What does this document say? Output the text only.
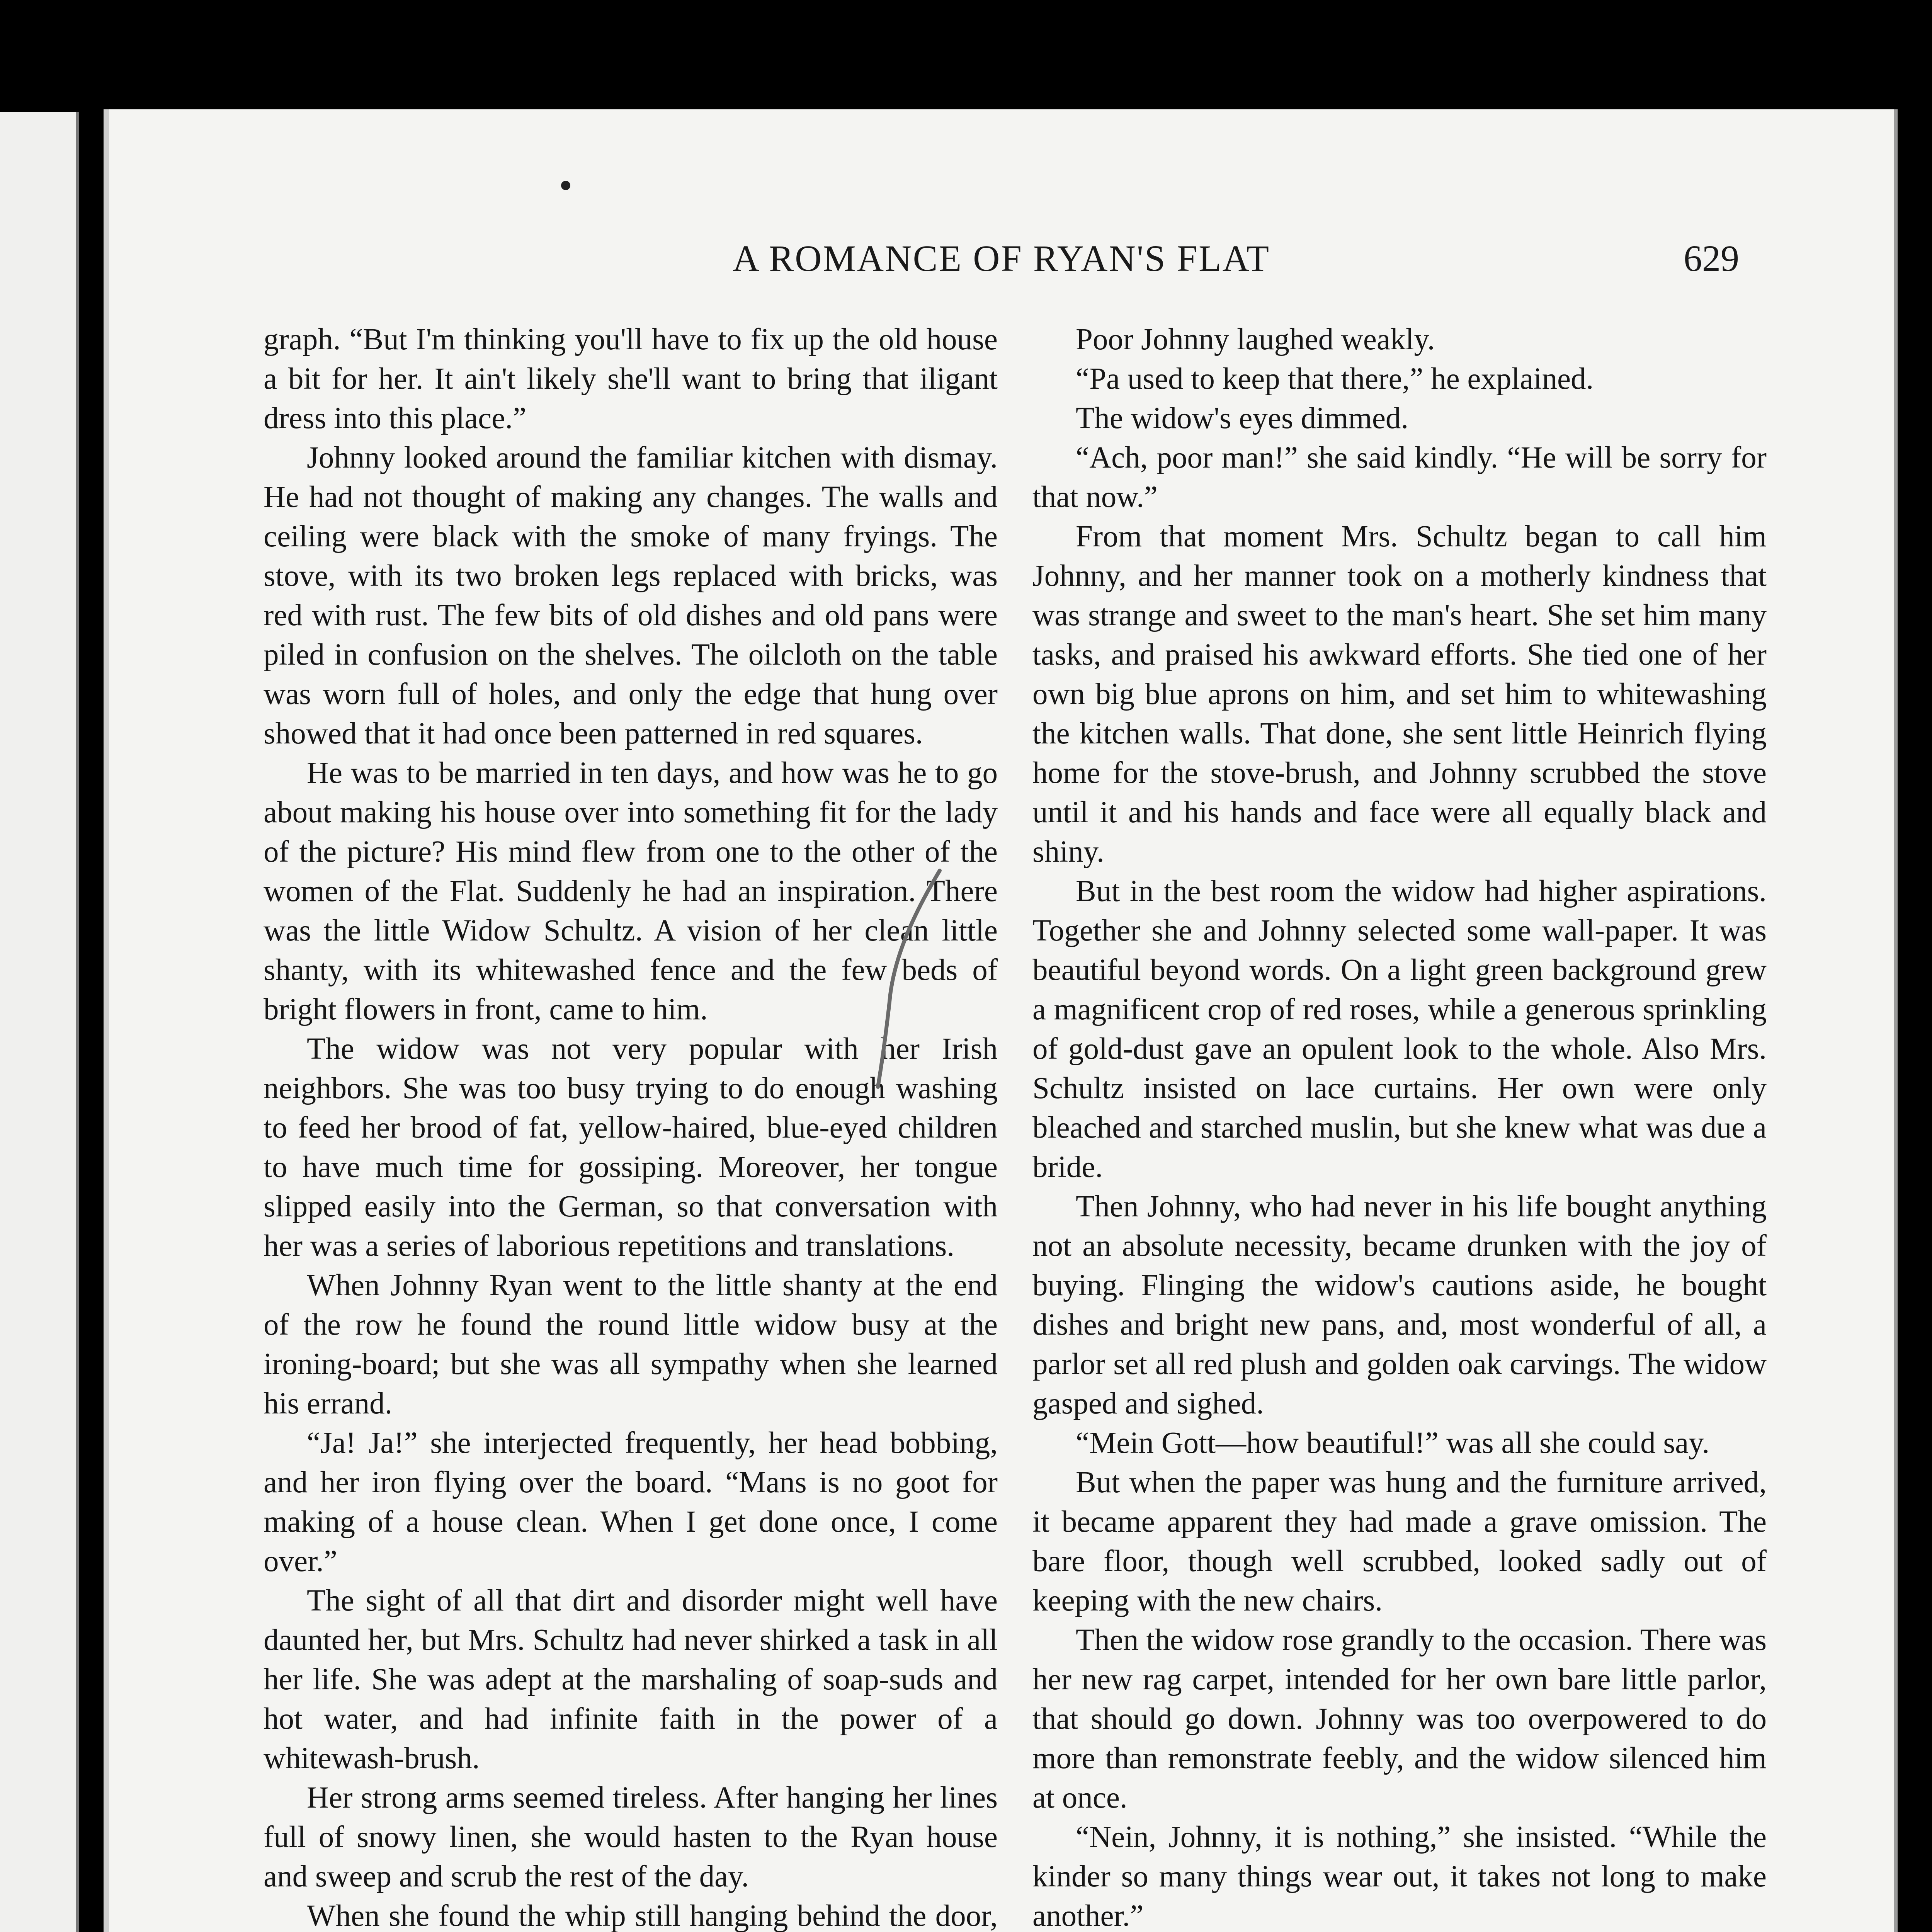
A ROMANCE OF RYAN'S FLAT	629

graph. “But I'm thinking you'll have to fix up the old house a bit for her. It ain't likely she'll want to bring that iligant dress into this place.”

Johnny looked around the familiar kitchen with dismay. He had not thought of making any changes. The walls and ceiling were black with the smoke of many fryings. The stove, with its two broken legs replaced with bricks, was red with rust. The few bits of old dishes and old pans were piled in confusion on the shelves. The oilcloth on the table was worn full of holes, and only the edge that hung over showed that it had once been patterned in red squares.

He was to be married in ten days, and how was he to go about making his house over into something fit for the lady of the picture? His mind flew from one to the other of the women of the Flat. Suddenly he had an inspiration. There was the little Widow Schultz. A vision of her clean little shanty, with its whitewashed fence and the few beds of bright flowers in front, came to him.

The widow was not very popular with her Irish neighbors. She was too busy trying to do enough washing to feed her brood of fat, yellow-haired, blue-eyed children to have much time for gossiping. Moreover, her tongue slipped easily into the German, so that conversation with her was a series of laborious repetitions and translations.

When Johnny Ryan went to the little shanty at the end of the row he found the round little widow busy at the ironing-board; but she was all sympathy when she learned his errand.

“Ja! Ja!” she interjected frequently, her head bobbing, and her iron flying over the board. “Mans is no goot for making of a house clean. When I get done once, I come over.”

The sight of all that dirt and disorder might well have daunted her, but Mrs. Schultz had never shirked a task in all her life. She was adept at the marshaling of soap-suds and hot water, and had infinite faith in the power of a whitewash-brush.

Her strong arms seemed tireless. After hanging her lines full of snowy linen, she would hasten to the Ryan house and sweep and scrub the rest of the day.

When she found the whip still hanging behind the door,

Poor Johnny laughed weakly.

“Pa used to keep that there,” he explained.

The widow's eyes dimmed.

“Ach, poor man!” she said kindly. “He will be sorry for that now.”

From that moment Mrs. Schultz began to call him Johnny, and her manner took on a motherly kindness that was strange and sweet to the man's heart. She set him many tasks, and praised his awkward efforts. She tied one of her own big blue aprons on him, and set him to whitewashing the kitchen walls. That done, she sent little Heinrich flying home for the stove-brush, and Johnny scrubbed the stove until it and his hands and face were all equally black and shiny.

But in the best room the widow had higher aspirations. Together she and Johnny selected some wall-paper. It was beautiful beyond words. On a light green background grew a magnificent crop of red roses, while a generous sprinkling of gold-dust gave an opulent look to the whole. Also Mrs. Schultz insisted on lace curtains. Her own were only bleached and starched muslin, but she knew what was due a bride.

Then Johnny, who had never in his life bought anything not an absolute necessity, became drunken with the joy of buying. Flinging the widow's cautions aside, he bought dishes and bright new pans, and, most wonderful of all, a parlor set all red plush and golden oak carvings. The widow gasped and sighed.

“Mein Gott—how beautiful!” was all she could say.

But when the paper was hung and the furniture arrived, it became apparent they had made a grave omission. The bare floor, though well scrubbed, looked sadly out of keeping with the new chairs.

Then the widow rose grandly to the occasion. There was her new rag carpet, intended for her own bare little parlor, that should go down. Johnny was too overpowered to do more than remonstrate feebly, and the widow silenced him at once.

“Nein, Johnny, it is nothing,” she insisted. “While the kinder so many things wear out, it takes not long to make another.”
